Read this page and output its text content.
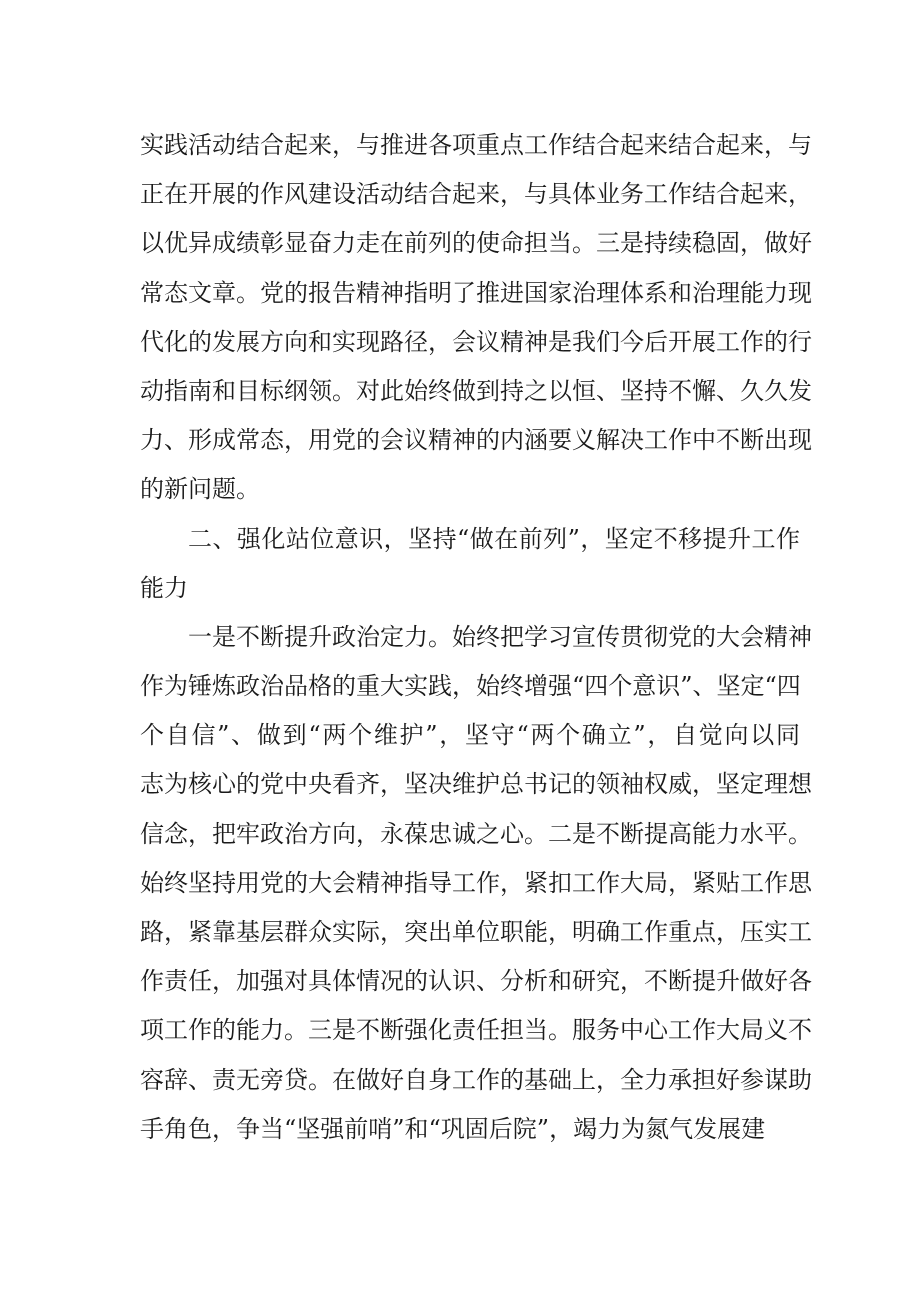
实践活动结合起来，与推进各项重点工作结合起来结合起来，与
正在开展的作风建设活动结合起来，与具体业务工作结合起来，
以优异成绩彰显奋力走在前列的使命担当。三是持续稳固，做好
常态文章。党的报告精神指明了推进国家治理体系和治理能力现
代化的发展方向和实现路径，会议精神是我们今后开展工作的行
动指南和目标纲领。对此始终做到持之以恒、坚持不懈、久久发
力、形成常态，用党的会议精神的内涵要义解决工作中不断出现
的新问题。
二、强化站位意识，坚持“做在前列”，坚定不移提升工作
能力
一是不断提升政治定力。始终把学习宣传贯彻党的大会精神
作为锤炼政治品格的重大实践，始终增强“四个意识”、坚定“四
个自信”、做到“两个维护”，坚守“两个确立”，自觉向以同
志为核心的党中央看齐，坚决维护总书记的领袖权威，坚定理想
信念，把牢政治方向，永葆忠诚之心。二是不断提高能力水平。
始终坚持用党的大会精神指导工作，紧扣工作大局，紧贴工作思
路，紧靠基层群众实际，突出单位职能，明确工作重点，压实工
作责任，加强对具体情况的认识、分析和研究，不断提升做好各
项工作的能力。三是不断强化责任担当。服务中心工作大局义不
容辞、责无旁贷。在做好自身工作的基础上，全力承担好参谋助
手角色，争当“坚强前哨”和“巩固后院”，竭力为氮气发展建
